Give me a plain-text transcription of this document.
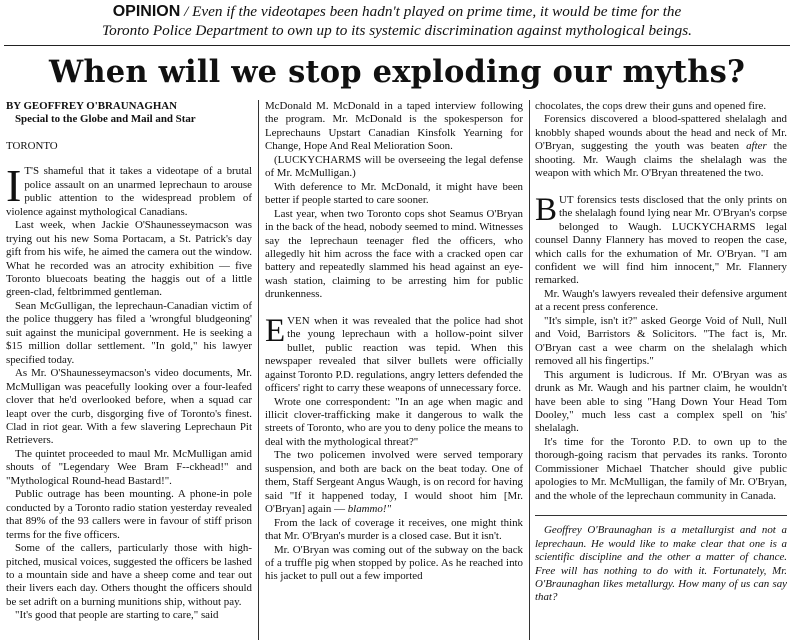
OPINION / Even if the videotapes been hadn't played on prime time, it would be time for the
Toronto Police Department to own up to its systemic discrimination against mythological beings.
When will we stop exploding our myths?

BY GEOFFREY O'BRAUNAGHAN

Special to the Globe and Mail and Star

TORONTO

I T'S shameful that it takes a videotape of a brutal police assault on an unarmed leprechaun to arouse public attention to the widespread problem of violence against mythological Canadians.

Last week, when Jackie O'Shaunesseymacson was trying out his new Soma Portacam, a St. Patrick's day gift from his wife, he aimed the camera out the window. What he recorded was an atrocity exhibition — five Toronto bluecoats beating the haggis out of a little green-clad, feltbrimmed gentleman.

Sean McGulligan, the leprechaun-Canadian victim of the police thuggery has filed a 'wrongful bludgeoning' suit against the municipal government. He is seeking a $15 million dollar settlement. "In gold," his lawyer specified today.

As Mr. O'Shaunesseymacson's video documents, Mr. McMulligan was peacefully looking over a four-leafed clover that he'd overlooked before, when a squad car leapt over the curb, disgorging five of Toronto's finest. Clad in riot gear. With a few slavering Leprechaun Pit Retrievers.

The quintet proceeded to maul Mr. McMulligan amid shouts of "Legendary Wee Bram F--ckhead!" and "Mythological Round-head Bastard!".

Public outrage has been mounting. A phone-in pole conducted by a Toronto radio station yesterday revealed that 89% of the 93 callers were in favour of stiff prison terms for the five officers.

Some of the callers, particularly those with high-pitched, musical voices, suggested the officers be lashed to a mountain side and have a sheep come and tear out their livers each day. Others thought the officers should be set adrift on a burning munitions ship, without pay.

"It's good that people are starting to care," said

McDonald M. McDonald in a taped interview following the program. Mr. McDonald is the spokesperson for Leprechauns Upstart Canadian Kinsfolk Yearning for Change, Hope And Real Melioration Soon.

(LUCKYCHARMS will be overseeing the legal defense of Mr. McMulligan.)

With deference to Mr. McDonald, it might have been better if people started to care sooner.

Last year, when two Toronto cops shot Seamus O'Bryan in the back of the head, nobody seemed to mind. Witnesses say the leprechaun teenager fled the officers, who allegedly hit him across the face with a cracked open car battery and repeatedly slammed his head against an eye-wash station, claiming to be arresting him for public drunkenness.

EVEN when it was revealed that the police had shot the young leprechaun with a hollow-point silver bullet, public reaction was tepid. When this newspaper revealed that silver bullets were officially against Toronto P.D. regulations, angry letters defended the officers' right to carry these weapons of unnecessary force.

Wrote one correspondent: "In an age when magic and illicit clover-trafficking make it dangerous to walk the streets of Toronto, who are you to deny police the means to deal with the mythological threat?"

The two policemen involved were served temporary suspension, and both are back on the beat today. One of them, Staff Sergeant Angus Waugh, is on record for having said "If it happened today, I would shoot him [Mr. O'Bryan] again — blammo!"

From the lack of coverage it receives, one might think that Mr. O'Bryan's murder is a closed case. But it isn't.

Mr. O'Bryan was coming out of the subway on the back of a truffle pig when stopped by police. As he reached into his jacket to pull out a few imported

chocolates, the cops drew their guns and opened fire.

Forensics discovered a blood-spattered shelalagh and knobbly shaped wounds about the head and neck of Mr. O'Bryan, suggesting the youth was beaten after the shooting. Mr. Waugh claims the shelalagh was the weapon with which Mr. O'Bryan threatened the two.

BUT forensics tests disclosed that the only prints on the shelalagh found lying near Mr. O'Bryan's corpse belonged to Waugh. LUCKYCHARMS legal counsel Danny Flannery has moved to reopen the case, which calls for the exhumation of Mr. O'Bryan. "I am confident we will find him innocent," Mr. Flannery remarked.

Mr. Waugh's lawyers revealed their defensive argument at a recent press conference.

"It's simple, isn't it?" asked George Void of Null, Null and Void, Barristors & Solicitors. "The fact is, Mr. O'Bryan cast a wee charm on the shelalagh which removed all his fingertips."

This argument is ludicrous. If Mr. O'Bryan was as drunk as Mr. Waugh and his partner claim, he wouldn't have been able to sing "Hang Down Your Head Tom Dooley," much less cast a complex spell on 'his' shelalagh.

It's time for the Toronto P.D. to own up to the thorough-going racism that pervades its ranks. Toronto Commissioner Michael Thatcher should give public apologies to Mr. McMulligan, the family of Mr. O'Bryan, and the whole of the leprechaun community in Canada.

Geoffrey O'Braunaghan is a metallurgist and not a leprechaun. He would like to make clear that one is a scientific discipline and the other a matter of chance. Free will has nothing to do with it. Fortunately, Mr. O'Braunaghan likes metallurgy. How many of us can say that?
